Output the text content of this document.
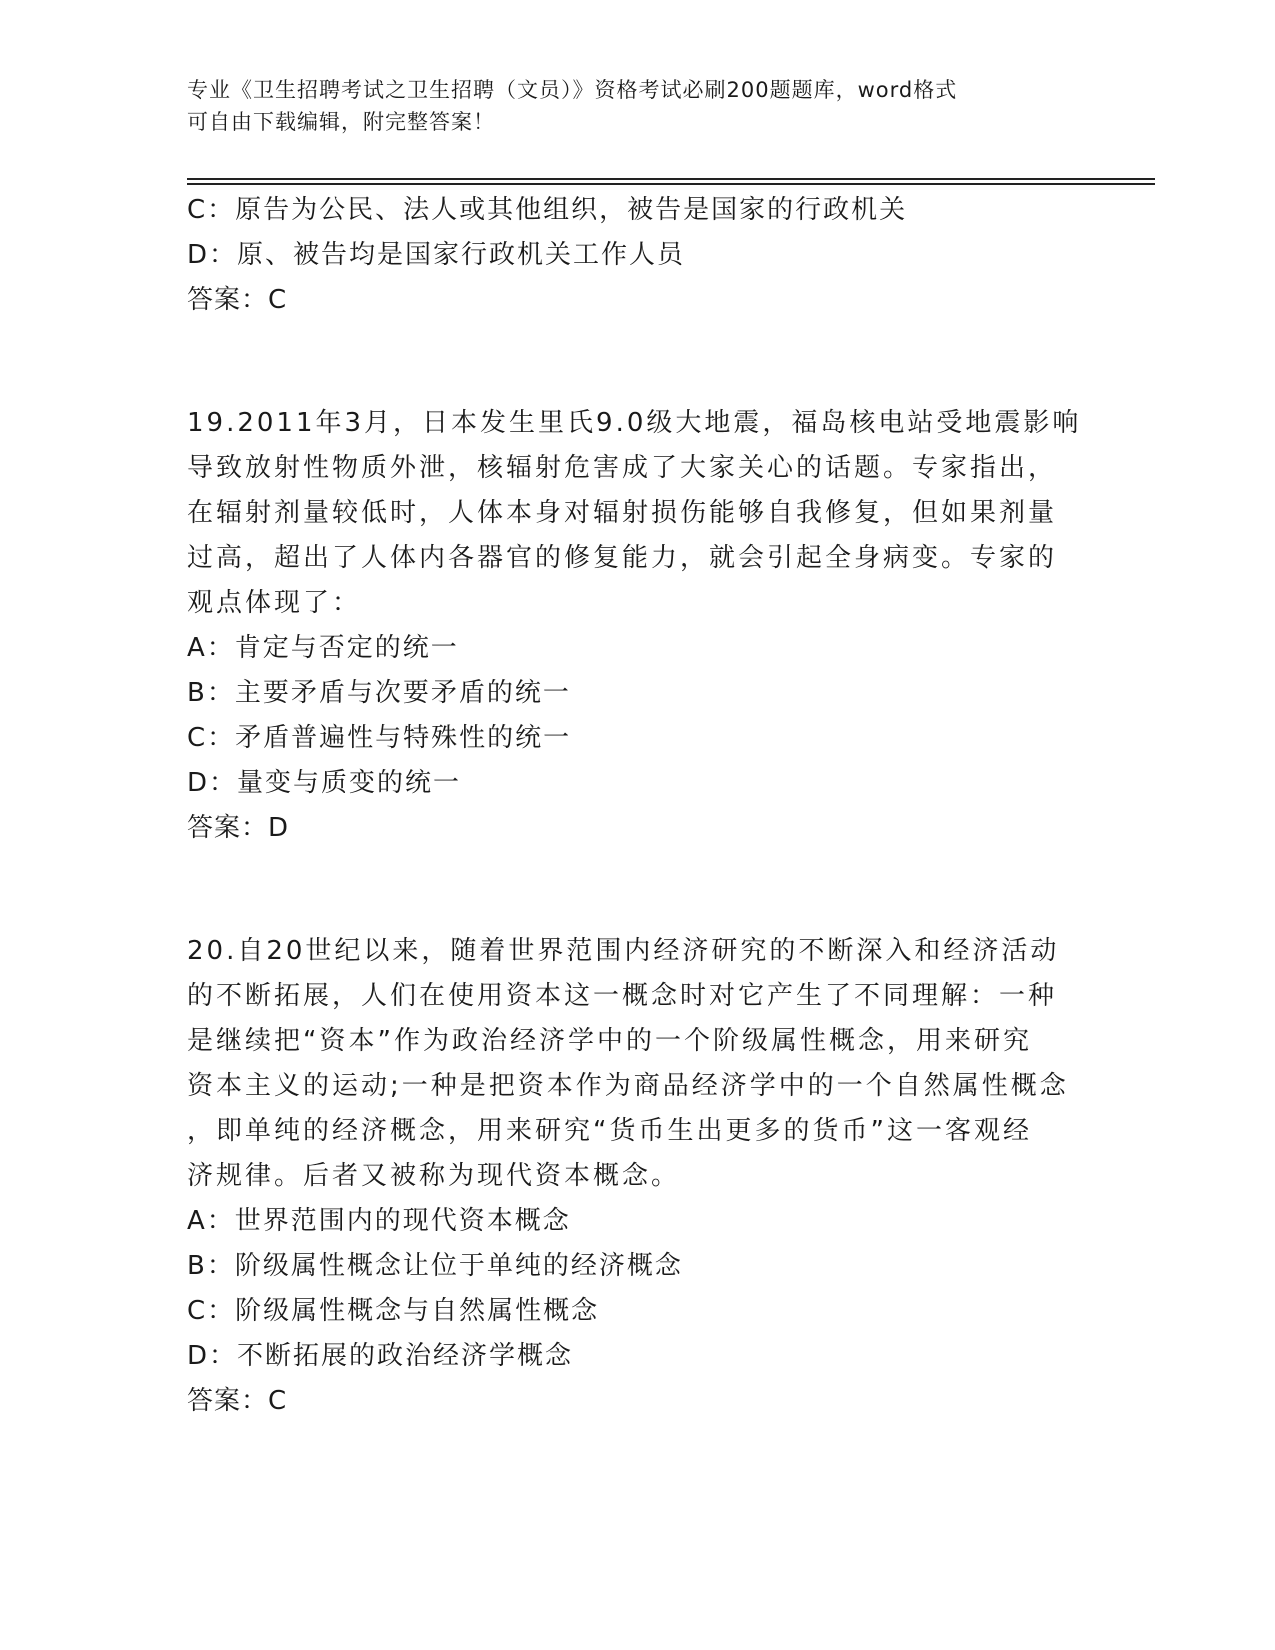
专业《卫生招聘考试之卫生招聘（文员）》资格考试必刷200题题库，word格式
可自由下载编辑，附完整答案！
C：原告为公民、法人或其他组织，被告是国家的行政机关
D：原、被告均是国家行政机关工作人员
答案：C
19.2011年3月，日本发生里氏9.0级大地震，福岛核电站受地震影响
导致放射性物质外泄，核辐射危害成了大家关心的话题。专家指出，
在辐射剂量较低时，人体本身对辐射损伤能够自我修复，但如果剂量
过高，超出了人体内各器官的修复能力，就会引起全身病变。专家的
观点体现了：
A：肯定与否定的统一
B：主要矛盾与次要矛盾的统一
C：矛盾普遍性与特殊性的统一
D：量变与质变的统一
答案：D
20.自20世纪以来，随着世界范围内经济研究的不断深入和经济活动
的不断拓展，人们在使用资本这一概念时对它产生了不同理解：一种
是继续把“资本”作为政治经济学中的一个阶级属性概念，用来研究
资本主义的运动;一种是把资本作为商品经济学中的一个自然属性概念
，即单纯的经济概念，用来研究“货币生出更多的货币”这一客观经
济规律。后者又被称为现代资本概念。
A：世界范围内的现代资本概念
B：阶级属性概念让位于单纯的经济概念
C：阶级属性概念与自然属性概念
D：不断拓展的政治经济学概念
答案：C
